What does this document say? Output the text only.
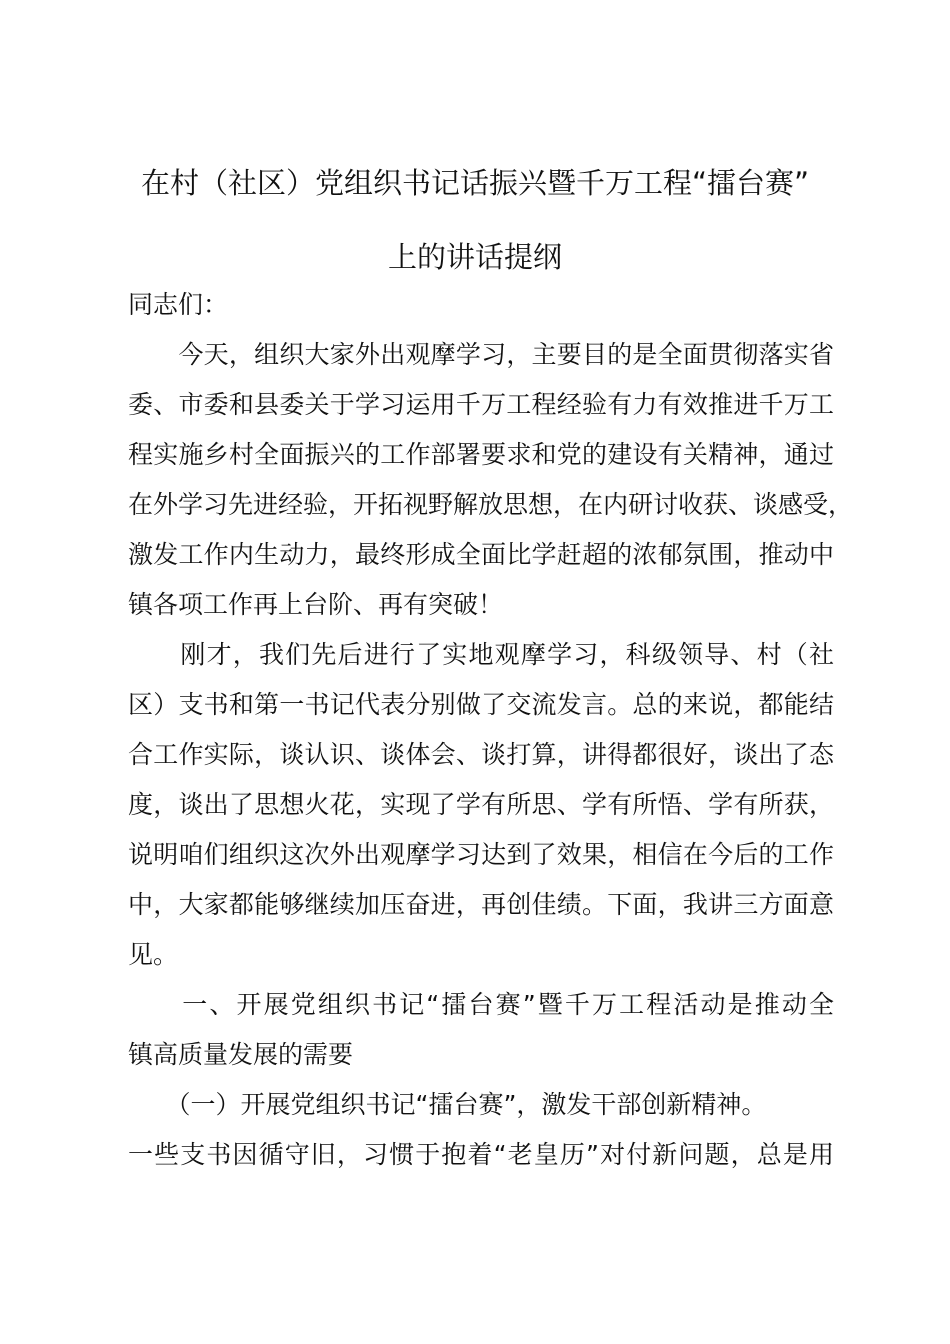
在村（社区）党组织书记话振兴暨千万工程“擂台赛”
上的讲话提纲
同志们：
　　今天，组织大家外出观摩学习，主要目的是全面贯彻落实省
委、市委和县委关于学习运用千万工程经验有力有效推进千万工
程实施乡村全面振兴的工作部署要求和党的建设有关精神，通过
在外学习先进经验，开拓视野解放思想，在内研讨收获、谈感受，
激发工作内生动力，最终形成全面比学赶超的浓郁氛围，推动中
镇各项工作再上台阶、再有突破！
　　刚才，我们先后进行了实地观摩学习，科级领导、村（社
区）支书和第一书记代表分别做了交流发言。总的来说，都能结
合工作实际，谈认识、谈体会、谈打算，讲得都很好，谈出了态
度，谈出了思想火花，实现了学有所思、学有所悟、学有所获，
说明咱们组织这次外出观摩学习达到了效果，相信在今后的工作
中，大家都能够继续加压奋进，再创佳绩。下面，我讲三方面意
见。
　　一、开展党组织书记“擂台赛”暨千万工程活动是推动全
镇高质量发展的需要
　　（一）开展党组织书记“擂台赛”，激发干部创新精神。
一些支书因循守旧，习惯于抱着“老皇历”对付新问题，总是用
